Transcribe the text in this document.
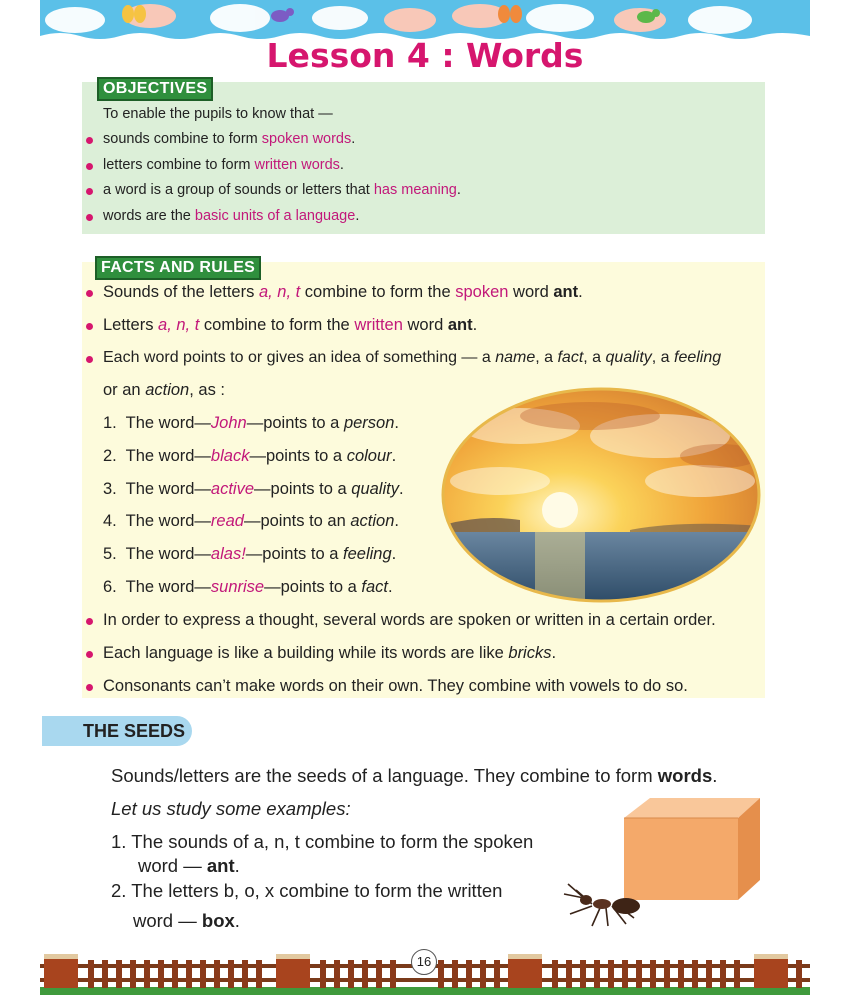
Lesson 4 : Words
OBJECTIVES
To enable the pupils to know that —
sounds combine to form spoken words.
letters combine to form written words.
a word is a group of sounds or letters that has meaning.
words are the basic units of a language.
FACTS AND RULES
Sounds of the letters a, n, t combine to form the spoken word ant.
Letters a, n, t combine to form the written word ant.
Each word points to or gives an idea of something — a name, a fact, a quality, a feeling
or an action, as :
1. The word—John—points to a person.
2. The word—black—points to a colour.
3. The word—active—points to a quality.
4. The word—read—points to an action.
5. The word—alas!—points to a feeling.
6. The word—sunrise—points to a fact.
In order to express a thought, several words are spoken or written in a certain order.
Each language is like a building while its words are like bricks.
Consonants can’t make words on their own. They combine with vowels to do so.
THE SEEDS
Sounds/letters are the seeds of a language. They combine to form words.
Let us study some examples:
1. The sounds of a, n, t combine to form the spoken
word — ant.
2. The letters b, o, x combine to form the written
word — box.
16
